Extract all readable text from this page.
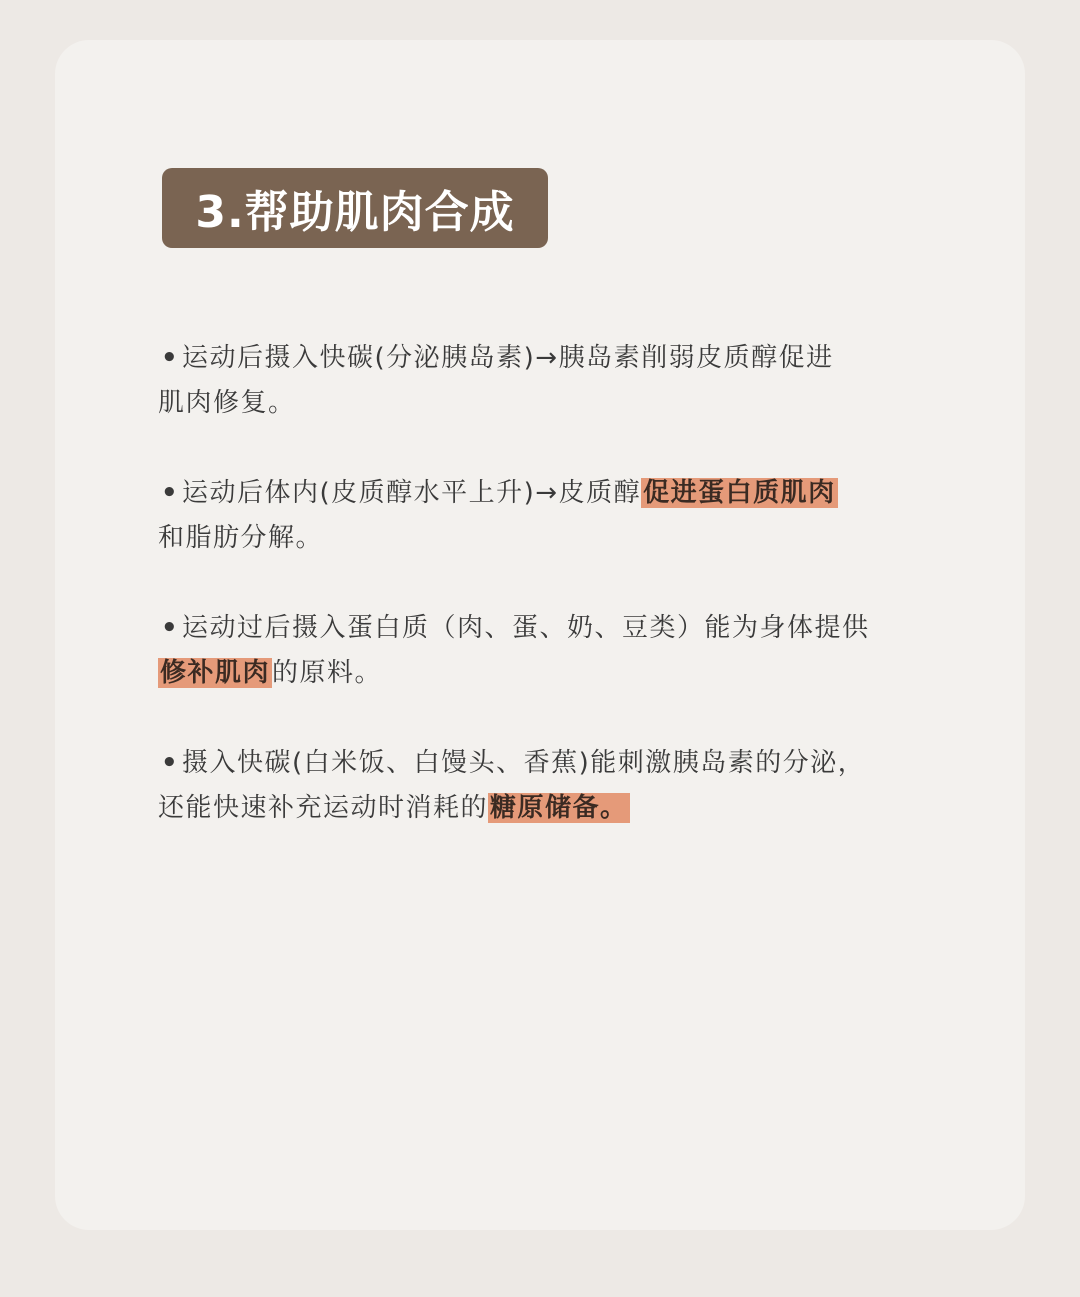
3.帮助肌肉合成
• 运动后摄入快碳(分泌胰岛素)→胰岛素削弱皮质醇促进
肌肉修复。
• 运动后体内(皮质醇水平上升)→皮质醇促进蛋白质肌肉
和脂肪分解。
• 运动过后摄入蛋白质（肉、蛋、奶、豆类）能为身体提供
修补肌肉的原料。
• 摄入快碳(白米饭、白馒头、香蕉)能刺激胰岛素的分泌，
还能快速补充运动时消耗的糖原储备。
